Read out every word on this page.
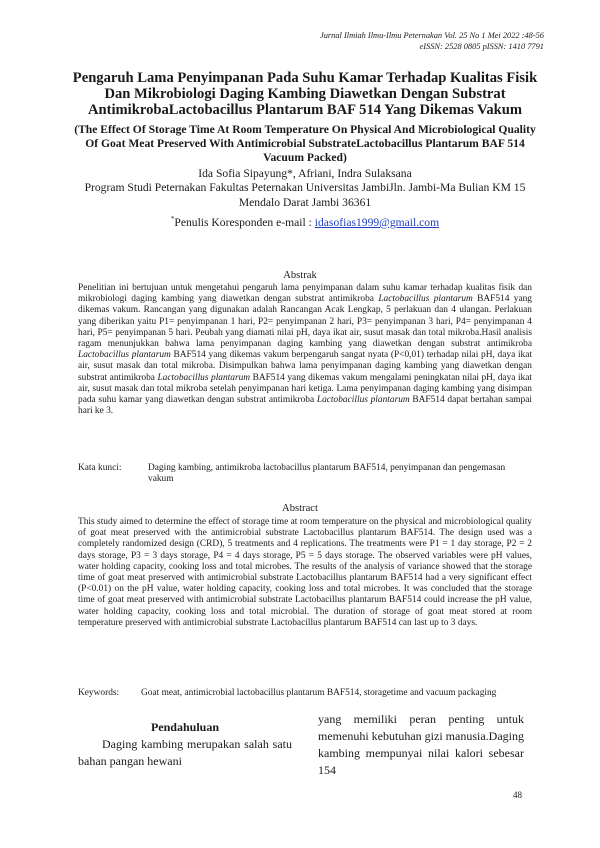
Jurnal Ilmiah Ilmu-Ilmu Peternakan Vol. 25 No 1 Mei 2022 :48-56
eISSN: 2528 0805 pISSN: 1410 7791

Pengaruh Lama Penyimpanan Pada Suhu Kamar Terhadap Kualitas Fisik Dan Mikrobiologi Daging Kambing Diawetkan Dengan Substrat AntimikrobaLactobacillus Plantarum BAF 514 Yang Dikemas Vakum

(The Effect Of Storage Time At Room Temperature On Physical And Microbiological Quality Of Goat Meat Preserved With Antimicrobial SubstrateLactobacillus Plantarum BAF 514 Vacuum Packed)

Ida Sofia Sipayung*, Afriani, Indra Sulaksana

Program Studi Peternakan Fakultas Peternakan Universitas JambiJln. Jambi-Ma Bulian KM 15 Mendalo Darat Jambi 36361

*Penulis Koresponden e-mail : idasofias1999@gmail.com

Abstrak

Penelitian ini bertujuan untuk mengetahui pengaruh lama penyimpanan dalam suhu kamar terhadap kualitas fisik dan mikrobiologi daging kambing yang diawetkan dengan substrat antimikroba Lactobacillus plantarum BAF514 yang dikemas vakum. Rancangan yang digunakan adalah Rancangan Acak Lengkap, 5 perlakuan dan 4 ulangan. Perlakuan yang diberikan yaitu P1= penyimpanan 1 hari, P2= penyimpanan 2 hari, P3= penyimpanan 3 hari, P4= penyimpanan 4 hari, P5= penyimpanan 5 hari. Peubah yang diamati nilai pH, daya ikat air, susut masak dan total mikroba.Hasil analisis ragam menunjukkan bahwa lama penyimpanan daging kambing yang diawetkan dengan substrat antimikroba Lactobacillus plantarum BAF514 yang dikemas vakum berpengaruh sangat nyata (P<0,01) terhadap nilai pH, daya ikat air, susut masak dan total mikroba. Disimpulkan bahwa lama penyimpanan daging kambing yang diawetkan dengan substrat antimikroba Lactobacillus plantarum BAF514 yang dikemas vakum mengalami peningkatan nilai pH, daya ikat air, susut masak dan total mikroba setelah penyimpanan hari ketiga. Lama penyimpanan daging kambing yang disimpan pada suhu kamar yang diawetkan dengan substrat antimikroba Lactobacillus plantarum BAF514 dapat bertahan sampai hari ke 3.

Kata kunci:	Daging kambing, antimikroba lactobacillus plantarum BAF514, penyimpanan dan pengemasan vakum
Abstract

This study aimed to determine the effect of storage time at room temperature on the physical and microbiological quality of goat meat preserved with the antimicrobial substrate Lactobacillus plantarum BAF514. The design used was a completely randomized design (CRD), 5 treatments and 4 replications. The treatments were P1 = 1 day storage, P2 = 2 days storage, P3 = 3 days storage, P4 = 4 days storage, P5 = 5 days storage. The observed variables were pH values, water holding capacity, cooking loss and total microbes. The results of the analysis of variance showed that the storage time of goat meat preserved with antimicrobial substrate Lactobacillus plantarum BAF514 had a very significant effect (P<0.01) on the pH value, water holding capacity, cooking loss and total microbes. It was concluded that the storage time of goat meat preserved with antimicrobial substrate Lactobacillus plantarum BAF514 could increase the pH value, water holding capacity, cooking loss and total microbial. The duration of storage of goat meat stored at room temperature preserved with antimicrobial substrate Lactobacillus plantarum BAF514 can last up to 3 days.

Keywords:	Goat meat, antimicrobial lactobacillus plantarum BAF514, storagetime and vacuum packaging

Pendahuluan

Daging kambing merupakan salah satu bahan pangan hewani

yang memiliki peran penting untuk memenuhi kebutuhan gizi manusia.Daging kambing mempunyai nilai kalori sebesar 154

48
